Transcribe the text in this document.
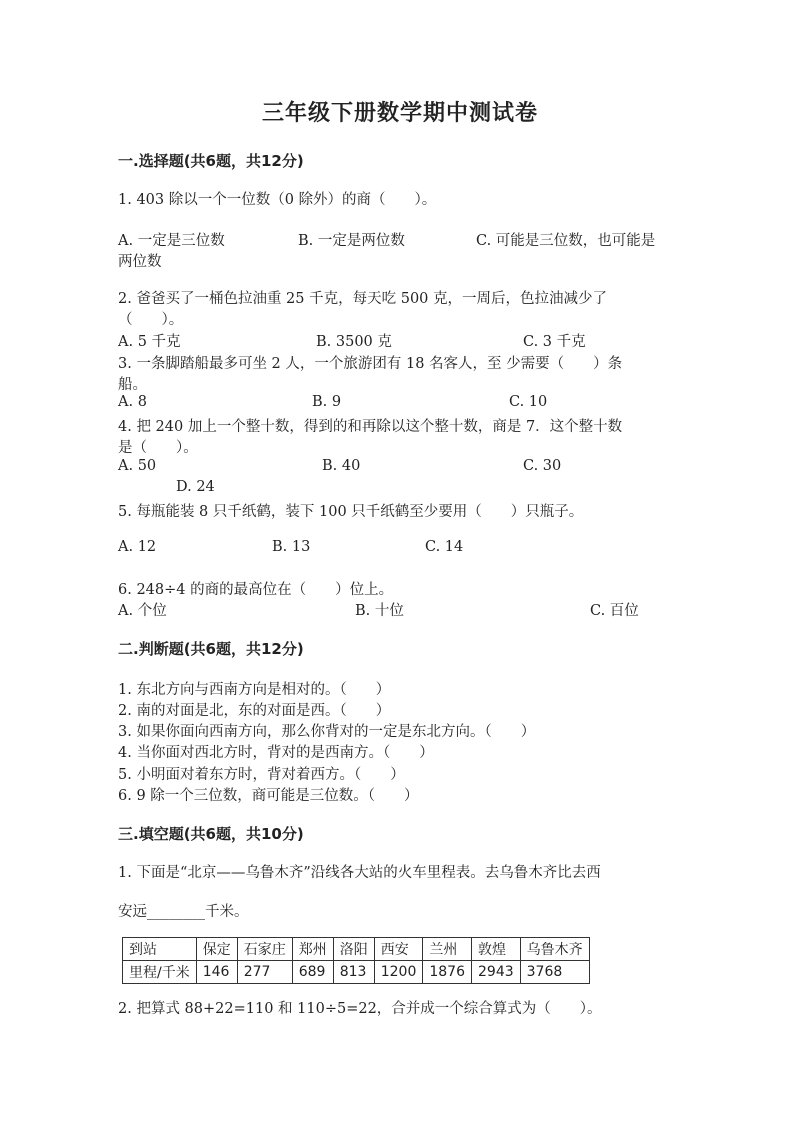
三年级下册数学期中测试卷
一.选择题(共6题，共12分)
1. 403 除以一个一位数（0 除外）的商（　　）。
A. 一定是三位数	B. 一定是两位数	C. 可能是三位数，也可能是
两位数
2. 爸爸买了一桶色拉油重 25 千克，每天吃 500 克，一周后，色拉油减少了
（　　）。
A. 5 千克	B. 3500 克	C. 3 千克
3. 一条脚踏船最多可坐 2 人，一个旅游团有 18 名客人，至 少需要（　　）条
船。
A. 8	B. 9	C. 10
4. 把 240 加上一个整十数，得到的和再除以这个整十数，商是 7．这个整十数
是（　　）。
A. 50	B. 40	C. 30
D. 24
5. 每瓶能装 8 只千纸鹤，装下 100 只千纸鹤至少要用（　　）只瓶子。
A. 12	B. 13	C. 14
6. 248÷4 的商的最高位在（　　）位上。
A. 个位	B. 十位	C. 百位
二.判断题(共6题，共12分)
1. 东北方向与西南方向是相对的。（　　）
2. 南的对面是北，东的对面是西。（　　）
3. 如果你面向西南方向，那么你背对的一定是东北方向。（　　）
4. 当你面对西北方时，背对的是西南方。（　　）
5. 小明面对着东方时，背对着西方。（　　）
6. 9 除一个三位数，商可能是三位数。（　　）
三.填空题(共6题，共10分)
1. 下面是“北京——乌鲁木齐”沿线各大站的火车里程表。去乌鲁木齐比去西
安远________千米。
到站	保定	石家庄	郑州	洛阳	西安	兰州	敦煌	乌鲁木齐
里程/千米	146	277	689	813	1200	1876	2943	3768
2. 把算式 88+22=110 和 110÷5=22，合并成一个综合算式为（　　）。
